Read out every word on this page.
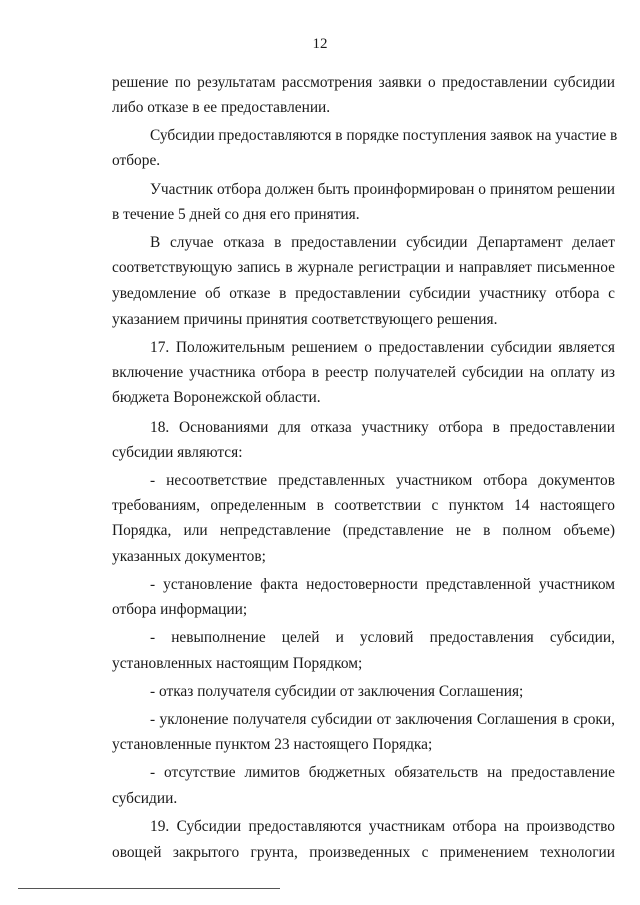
12
решение по результатам рассмотрения заявки о предоставлении субсидии
либо отказе в ее предоставлении.
Субсидии предоставляются в порядке поступления заявок на участие в
отборе.
Участник отбора должен быть проинформирован о принятом решении
в течение 5 дней со дня его принятия.
В случае отказа в предоставлении субсидии Департамент делает
соответствующую запись в журнале регистрации и направляет письменное
уведомление об отказе в предоставлении субсидии участнику отбора с
указанием причины принятия соответствующего решения.
17. Положительным решением о предоставлении субсидии является
включение участника отбора в реестр получателей субсидии на оплату из
бюджета Воронежской области.
18. Основаниями для отказа участнику отбора в предоставлении
субсидии являются:
- несоответствие представленных участником отбора документов
требованиям, определенным в соответствии с пунктом 14 настоящего
Порядка, или непредставление (представление не в полном объеме)
указанных документов;
- установление факта недостоверности представленной участником
отбора информации;
- невыполнение целей и условий предоставления субсидии,
установленных настоящим Порядком;
- отказ получателя субсидии от заключения Соглашения;
- уклонение получателя субсидии от заключения Соглашения в сроки,
установленные пунктом 23 настоящего Порядка;
- отсутствие лимитов бюджетных обязательств на предоставление
субсидии.
19. Субсидии предоставляются участникам отбора на производство
овощей закрытого грунта, произведенных с применением технологии
